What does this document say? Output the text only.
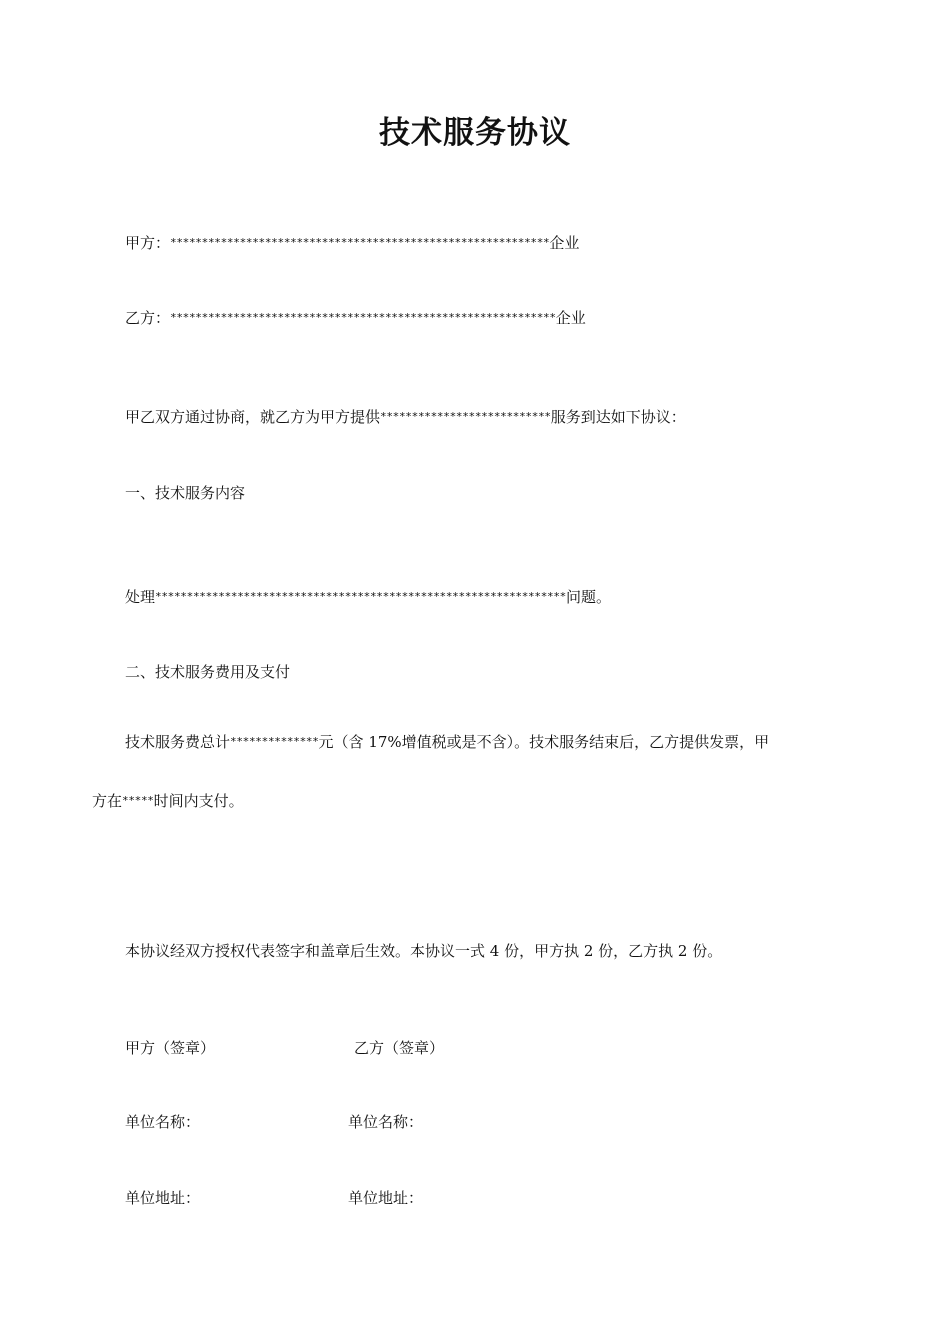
技术服务协议
甲方：************************************************************企业
乙方：*************************************************************企业
甲乙双方通过协商，就乙方为甲方提供***************************服务到达如下协议：
一、技术服务内容
处理*****************************************************************问题。
二、技术服务费用及支付
技术服务费总计**************元（含 17%增值税或是不含）。技术服务结束后，乙方提供发票，甲
方在*****时间内支付。
本协议经双方授权代表签字和盖章后生效。本协议一式 4 份，甲方执 2 份，乙方执 2 份。
甲方（签章）	乙方（签章）
单位名称：	单位名称：
单位地址：	单位地址：
